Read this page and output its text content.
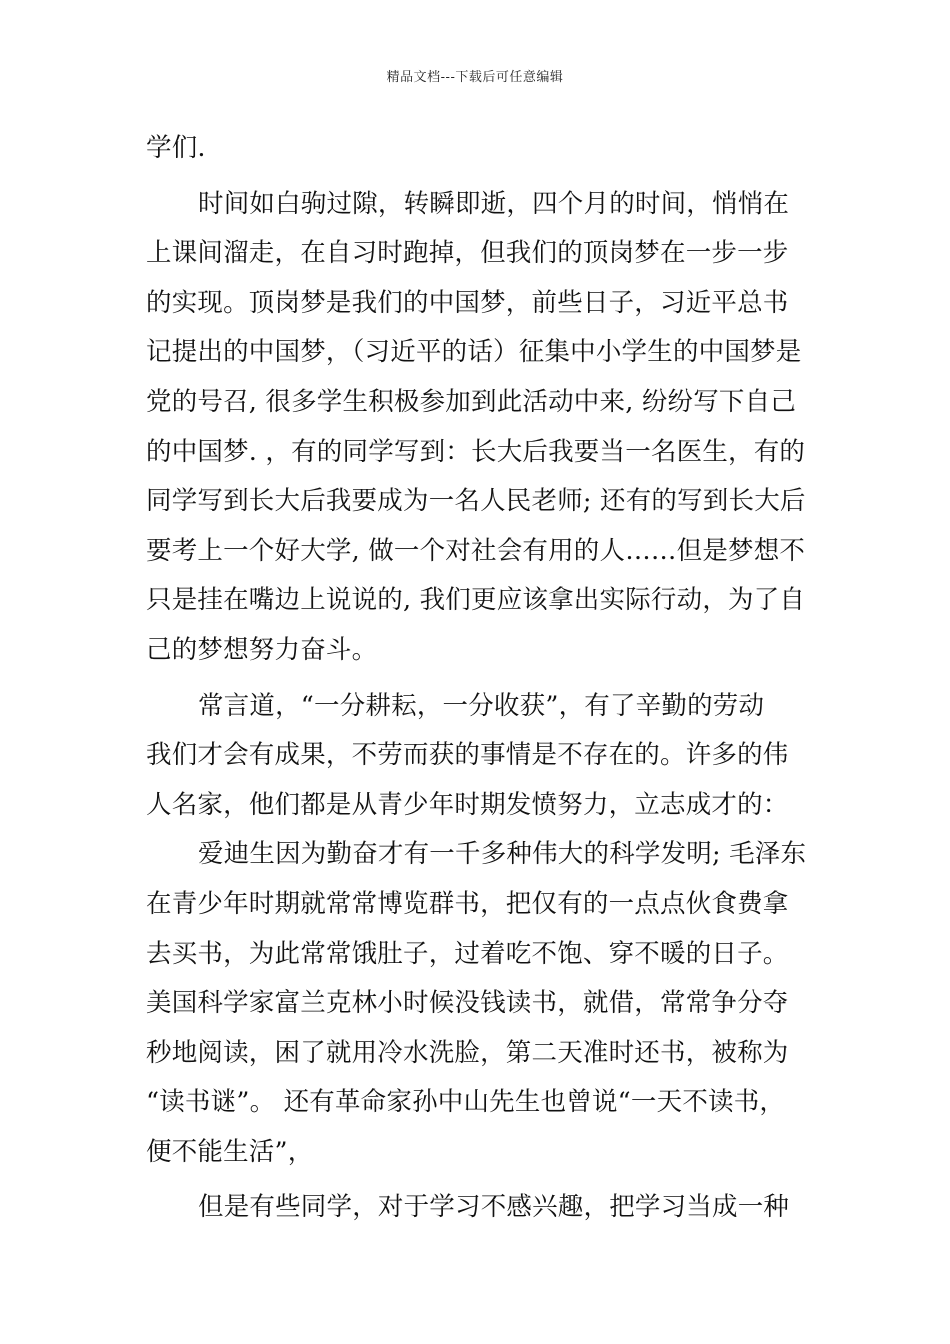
精品文档---下载后可任意编辑
学们.
时间如白驹过隙，转瞬即逝，四个月的时间，悄悄在
上课间溜走，在自习时跑掉，但我们的顶岗梦在一步一步
的实现。顶岗梦是我们的中国梦，前些日子，习近平总书
记提出的中国梦，（习近平的话）征集中小学生的中国梦是
党的号召, 很多学生积极参加到此活动中来, 纷纷写下自己
的中国梦. ，有的同学写到：长大后我要当一名医生，有的
同学写到长大后我要成为一名人民老师; 还有的写到长大后
要考上一个好大学, 做一个对社会有用的人……但是梦想不
只是挂在嘴边上说说的, 我们更应该拿出实际行动，为了自
己的梦想努力奋斗。
常言道，“一分耕耘，一分收获”，有了辛勤的劳动
我们才会有成果，不劳而获的事情是不存在的。许多的伟
人名家，他们都是从青少年时期发愤努力，立志成才的：
爱迪生因为勤奋才有一千多种伟大的科学发明; 毛泽东
在青少年时期就常常博览群书，把仅有的一点点伙食费拿
去买书，为此常常饿肚子，过着吃不饱、穿不暖的日子。
美国科学家富兰克林小时候没钱读书，就借，常常争分夺
秒地阅读，困了就用冷水洗脸，第二天准时还书，被称为
“读书谜”。 还有革命家孙中山先生也曾说“一天不读书，
便不能生活”，
但是有些同学，对于学习不感兴趣，把学习当成一种
